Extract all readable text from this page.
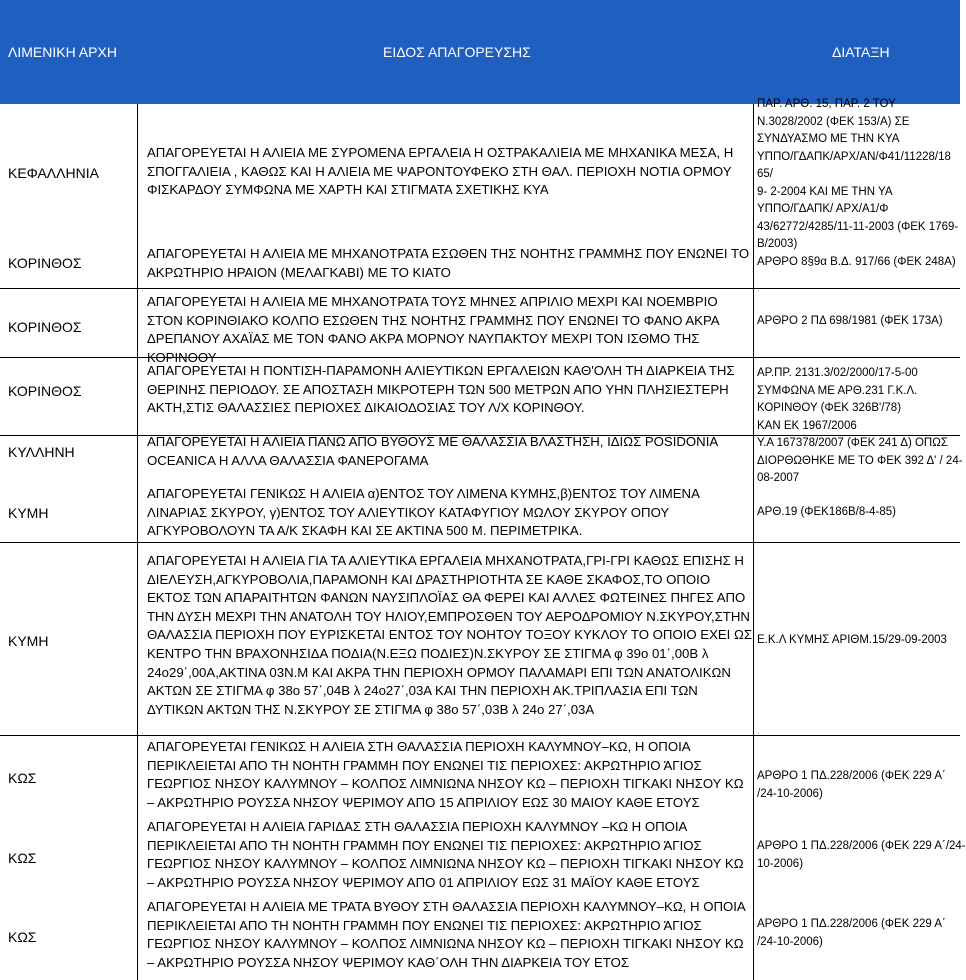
ΛΙΜΕΝΙΚΗ ΑΡΧΗ	ΕΙΔΟΣ ΑΠΑΓΟΡΕΥΣΗΣ	ΔΙΑΤΑΞΗ
ΚΕΦΑΛΛΗΝΙΑ
ΚΟΡΙΝΘΟΣ
ΚΟΡΙΝΘΟΣ
ΚΟΡΙΝΘΟΣ
ΚΥΛΛΗΝΗ
ΚΥΜΗ
ΚΥΜΗ
ΚΩΣ
ΚΩΣ
ΚΩΣ
ΑΠΑΓΟΡΕΥΕΤΑΙ Η ΑΛΙΕΙΑ ΜΕ ΣΥΡΟΜΕΝΑ ΕΡΓΑΛΕΙΑ Η ΟΣΤΡΑΚΑΛΙΕΙΑ ΜΕ ΜΗΧΑΝΙΚΑ ΜΕΣΑ, Η ΣΠΟΓΓΑΛΙΕΙΑ , ΚΑΘΩΣ ΚΑΙ Η ΑΛΙΕΙΑ ΜΕ ΨΑΡΟΝΤΟΥΦΕΚΟ ΣΤΗ ΘΑΛ. ΠΕΡΙΟΧΗ ΝΟΤΙΑ ΟΡΜΟΥ ΦΙΣΚΑΡΔΟΥ ΣΥΜΦΩΝΑ ΜΕ ΧΑΡΤΗ ΚΑΙ ΣΤΙΓΜΑΤΑ ΣΧΕΤΙΚΗΣ ΚΥΑ
ΑΠΑΓΟΡΕΥΕΤΑΙ Η ΑΛΙΕΙΑ ΜΕ ΜΗΧΑΝΟΤΡΑΤΑ ΕΣΩΘΕΝ ΤΗΣ ΝΟΗΤΗΣ ΓΡΑΜΜΗΣ ΠΟΥ ΕΝΩΝΕΙ ΤΟ ΑΚΡΩΤΗΡΙΟ ΗΡΑΙΟΝ (ΜΕΛΑΓΚΑΒΙ) ΜΕ ΤΟ ΚΙΑΤΟ
ΑΠΑΓΟΡΕΥΕΤΑΙ Η ΑΛΙΕΙΑ ΜΕ ΜΗΧΑΝΟΤΡΑΤΑ ΤΟΥΣ ΜΗΝΕΣ ΑΠΡΙΛΙΟ ΜΕΧΡΙ ΚΑΙ ΝΟΕΜΒΡΙΟ ΣΤΟΝ ΚΟΡΙΝΘΙΑΚΟ ΚΟΛΠΟ ΕΣΩΘΕΝ ΤΗΣ ΝΟΗΤΗΣ ΓΡΑΜΜΗΣ ΠΟΥ ΕΝΩΝΕΙ ΤΟ ΦΑΝΟ ΑΚΡΑ ΔΡΕΠΑΝΟΥ ΑΧΑΪΑΣ ΜΕ ΤΟΝ ΦΑΝΟ ΑΚΡΑ ΜΟΡΝΟΥ ΝΑΥΠΑΚΤΟΥ ΜΕΧΡΙ ΤΟΝ ΙΣΘΜΟ ΤΗΣ ΚΟΡΙΝΘΟΥ
ΑΠΑΓΟΡΕΥΕΤΑΙ Η ΠΟΝΤΙΣΗ-ΠΑΡΑΜΟΝΗ ΑΛΙΕΥΤΙΚΩΝ ΕΡΓΑΛΕΙΩΝ ΚΑΘ'ΟΛΗ ΤΗ ΔΙΑΡΚΕΙΑ ΤΗΣ ΘΕΡΙΝΗΣ ΠΕΡΙΟΔΟΥ. ΣΕ ΑΠΟΣΤΑΣΗ ΜΙΚΡΟΤΕΡΗ ΤΩΝ 500 ΜΕΤΡΩΝ ΑΠΟ ΥΗΝ ΠΛΗΣΙΕΣΤΕΡΗ ΑΚΤΗ,ΣΤΙΣ ΘΑΛΑΣΣΙΕΣ ΠΕΡΙΟΧΕΣ ΔΙΚΑΙΟΔΟΣΙΑΣ ΤΟΥ Λ/Χ ΚΟΡΙΝΘΟΥ.
ΑΠΑΓΟΡΕΥΕΤΑΙ Η ΑΛΙΕΙΑ ΠΑΝΩ ΑΠΟ ΒΥΘΟΥΣ ΜΕ ΘΑΛΑΣΣΙΑ ΒΛΑΣΤΗΣΗ, ΙΔΙΩΣ POSIDONIA OCEANICA Η ΑΛΛΑ ΘΑΛΑΣΣΙΑ ΦΑΝΕΡΟΓΑΜΑ
ΑΠΑΓΟΡΕΥΕΤΑΙ ΓΕΝΙΚΩΣ Η ΑΛΙΕΙΑ α)ΕΝΤΟΣ ΤΟΥ ΛΙΜΕΝΑ ΚΥΜΗΣ,β)ΕΝΤΟΣ ΤΟΥ ΛΙΜΕΝΑ ΛΙΝΑΡΙΑΣ ΣΚΥΡΟΥ, γ)ΕΝΤΟΣ ΤΟΥ ΑΛΙΕΥΤΙΚΟΥ ΚΑΤΑΦΥΓΙΟΥ ΜΩΛΟΥ ΣΚΥΡΟΥ ΟΠΟΥ ΑΓΚΥΡΟΒΟΛΟΥΝ ΤΑ Α/Κ ΣΚΑΦΗ ΚΑΙ ΣΕ ΑΚΤΙΝΑ 500 Μ. ΠΕΡΙΜΕΤΡΙΚΑ.
ΑΠΑΓΟΡΕΥΕΤΑΙ Η ΑΛΙΕΙΑ ΓΙΑ ΤΑ ΑΛΙΕΥΤΙΚΑ ΕΡΓΑΛΕΙΑ ΜΗΧΑΝΟΤΡΑΤΑ,ΓΡΙ-ΓΡΙ ΚΑΘΩΣ ΕΠΙΣΗΣ Η ΔΙΕΛΕΥΣΗ,ΑΓΚΥΡΟΒΟΛΙΑ,ΠΑΡΑΜΟΝΗ ΚΑΙ ΔΡΑΣΤΗΡΙΟΤΗΤΑ ΣΕ ΚΑΘΕ ΣΚΑΦΟΣ,ΤΟ ΟΠΟΙΟ ΕΚΤΟΣ ΤΩΝ ΑΠΑΡΑΙΤΗΤΩΝ ΦΑΝΩΝ ΝΑΥΣΙΠΛΟΪΑΣ ΘΑ ΦΕΡΕΙ ΚΑΙ ΑΛΛΕΣ ΦΩΤΕΙΝΕΣ ΠΗΓΕΣ ΑΠΟ ΤΗΝ ΔΥΣΗ ΜΕΧΡΙ ΤΗΝ ΑΝΑΤΟΛΗ ΤΟΥ ΗΛΙΟΥ,ΕΜΠΡΟΣΘΕΝ ΤΟΥ ΑΕΡΟΔΡΟΜΙΟΥ Ν.ΣΚΥΡΟΥ,ΣΤΗΝ ΘΑΛΑΣΣΙΑ ΠΕΡΙΟΧΗ ΠΟΥ ΕΥΡΙΣΚΕΤΑΙ ΕΝΤΟΣ ΤΟΥ ΝΟΗΤΟΥ ΤΟΞΟΥ ΚΥΚΛΟΥ ΤΟ ΟΠΟΙΟ ΕΧΕΙ ΩΣ ΚΕΝΤΡΟ ΤΗΝ ΒΡΑΧΟΝΗΣΙΔΑ ΠΟΔΙΑ(Ν.ΕΞΩ ΠΟΔΙΕΣ)Ν.ΣΚΥΡΟΥ ΣΕ ΣΤΙΓΜΑ φ 39ο 01΄,00Β λ 24ο29΄,00Α,ΑΚΤΙΝΑ 03Ν.Μ ΚΑΙ ΑΚΡΑ ΤΗΝ ΠΕΡΙΟΧΗ ΟΡΜΟΥ ΠΑΛΑΜΑΡΙ ΕΠΙ ΤΩΝ ΑΝΑΤΟΛΙΚΩΝ ΑΚΤΩΝ ΣΕ ΣΤΙΓΜΑ φ 38ο 57΄,04Β λ 24ο27΄,03Α ΚΑΙ ΤΗΝ ΠΕΡΙΟΧΗ ΑΚ.ΤΡΙΠΛΑΣΙΑ ΕΠΙ ΤΩΝ ΔΥΤΙΚΩΝ ΑΚΤΩΝ ΤΗΣ Ν.ΣΚΥΡΟΥ ΣΕ ΣΤΙΓΜΑ φ 38ο 57΄,03Β λ 24ο 27΄,03Α
ΑΠΑΓΟΡΕΥΕΤΑΙ ΓΕΝΙΚΩΣ Η ΑΛΙΕΙΑ ΣΤΗ ΘΑΛΑΣΣΙΑ ΠΕΡΙΟΧΗ ΚΑΛΥΜΝΟΥ–ΚΩ, Η ΟΠΟΙΑ ΠΕΡΙΚΛΕΙΕΤΑΙ ΑΠΟ ΤΗ ΝΟΗΤΗ ΓΡΑΜΜΗ ΠΟΥ ΕΝΩΝΕΙ ΤΙΣ ΠΕΡΙΟΧΕΣ: ΑΚΡΩΤΗΡΙΟ ΆΓΙΟΣ ΓΕΩΡΓΙΟΣ ΝΗΣΟΥ ΚΑΛΥΜΝΟΥ – ΚΟΛΠΟΣ ΛΙΜΝΙΩΝΑ ΝΗΣΟΥ ΚΩ – ΠΕΡΙΟΧΗ ΤΙΓΚΑΚΙ ΝΗΣΟΥ ΚΩ – ΑΚΡΩΤΗΡΙΟ ΡΟΥΣΣΑ ΝΗΣΟΥ ΨΕΡΙΜΟΥ ΑΠΟ 15 ΑΠΡΙΛΙΟΥ ΕΩΣ 30 ΜΑΙΟΥ ΚΑΘΕ ΕΤΟΥΣ
ΑΠΑΓΟΡΕΥΕΤΑΙ Η ΑΛΙΕΙΑ ΓΑΡΙΔΑΣ ΣΤΗ ΘΑΛΑΣΣΙΑ ΠΕΡΙΟΧΗ ΚΑΛΥΜΝΟΥ –ΚΩ Η ΟΠΟΙΑ ΠΕΡΙΚΛΕΙΕΤΑΙ ΑΠΟ ΤΗ ΝΟΗΤΗ ΓΡΑΜΜΗ ΠΟΥ ΕΝΩΝΕΙ ΤΙΣ ΠΕΡΙΟΧΕΣ: ΑΚΡΩΤΗΡΙΟ ΆΓΙΟΣ ΓΕΩΡΓΙΟΣ ΝΗΣΟΥ ΚΑΛΥΜΝΟΥ – ΚΟΛΠΟΣ ΛΙΜΝΙΩΝΑ ΝΗΣΟΥ ΚΩ – ΠΕΡΙΟΧΗ ΤΙΓΚΑΚΙ ΝΗΣΟΥ ΚΩ – ΑΚΡΩΤΗΡΙΟ ΡΟΥΣΣΑ ΝΗΣΟΥ ΨΕΡΙΜΟΥ ΑΠΟ 01 ΑΠΡΙΛΙΟΥ ΕΩΣ 31 ΜΑΪΟΥ ΚΑΘΕ ΕΤΟΥΣ
ΑΠΑΓΟΡΕΥΕΤΑΙ Η ΑΛΙΕΙΑ ΜΕ ΤΡΑΤΑ ΒΥΘΟΥ ΣΤΗ ΘΑΛΑΣΣΙΑ ΠΕΡΙΟΧΗ ΚΑΛΥΜΝΟΥ–ΚΩ, Η ΟΠΟΙΑ ΠΕΡΙΚΛΕΙΕΤΑΙ ΑΠΟ ΤΗ ΝΟΗΤΗ ΓΡΑΜΜΗ ΠΟΥ ΕΝΩΝΕΙ ΤΙΣ ΠΕΡΙΟΧΕΣ: ΑΚΡΩΤΗΡΙΟ ΆΓΙΟΣ ΓΕΩΡΓΙΟΣ ΝΗΣΟΥ ΚΑΛΥΜΝΟΥ – ΚΟΛΠΟΣ ΛΙΜΝΙΩΝΑ ΝΗΣΟΥ ΚΩ – ΠΕΡΙΟΧΗ ΤΙΓΚΑΚΙ ΝΗΣΟΥ ΚΩ – ΑΚΡΩΤΗΡΙΟ ΡΟΥΣΣΑ ΝΗΣΟΥ ΨΕΡΙΜΟΥ ΚΑΘ΄ΟΛΗ ΤΗΝ ΔΙΑΡΚΕΙΑ ΤΟΥ ΕΤΟΣ
ΠΑΡ. ΑΡΘ. 15, ΠΑΡ. 2 ΤΟΥ
Ν.3028/2002 (ΦΕΚ 153/Α) ΣΕ
ΣΥΝΔΥΑΣΜΟ ΜΕ ΤΗΝ ΚΥΑ
ΥΠΠΟ/ΓΔΑΠΚ/ΑΡΧ/ΑΝ/Φ41/11228/18
65/
9- 2-2004 ΚΑΙ ΜΕ ΤΗΝ ΥΑ
ΥΠΠΟ/ΓΔΑΠΚ/ ΑΡΧ/Α1/Φ
43/62772/4285/11-11-2003 (ΦΕΚ 1769-
Β/2003)
ΑΡΘΡΟ 8§9α Β.Δ. 917/66 (ΦΕΚ 248Α)
ΑΡΘΡΟ 2 ΠΔ 698/1981 (ΦΕΚ 173Α)
ΑΡ.ΠΡ. 2131.3/02/2000/17-5-00
ΣΥΜΦΩΝΑ ΜΕ ΑΡΘ.231 Γ.Κ.Λ.
ΚΟΡΙΝΘΟΥ (ΦΕΚ 326Β'/78)
ΚΑΝ ΕΚ 1967/2006
Υ.Α 167378/2007 (ΦΕΚ 241 Δ) ΟΠΩΣ
ΔΙΟΡΘΩΘΗΚΕ ΜΕ ΤΟ ΦΕΚ 392 Δ' / 24-
08-2007
ΑΡΘ.19 (ΦΕΚ186Β/8-4-85)
Ε.Κ.Λ ΚΥΜΗΣ ΑΡΙΘΜ.15/29-09-2003
ΑΡΘΡΟ 1 ΠΔ.228/2006 (ΦΕΚ 229 Α΄
/24-10-2006)
ΑΡΘΡΟ 1 ΠΔ.228/2006 (ΦΕΚ 229 Α΄/24-
10-2006)
ΑΡΘΡΟ 1 ΠΔ.228/2006 (ΦΕΚ 229 Α΄
/24-10-2006)
